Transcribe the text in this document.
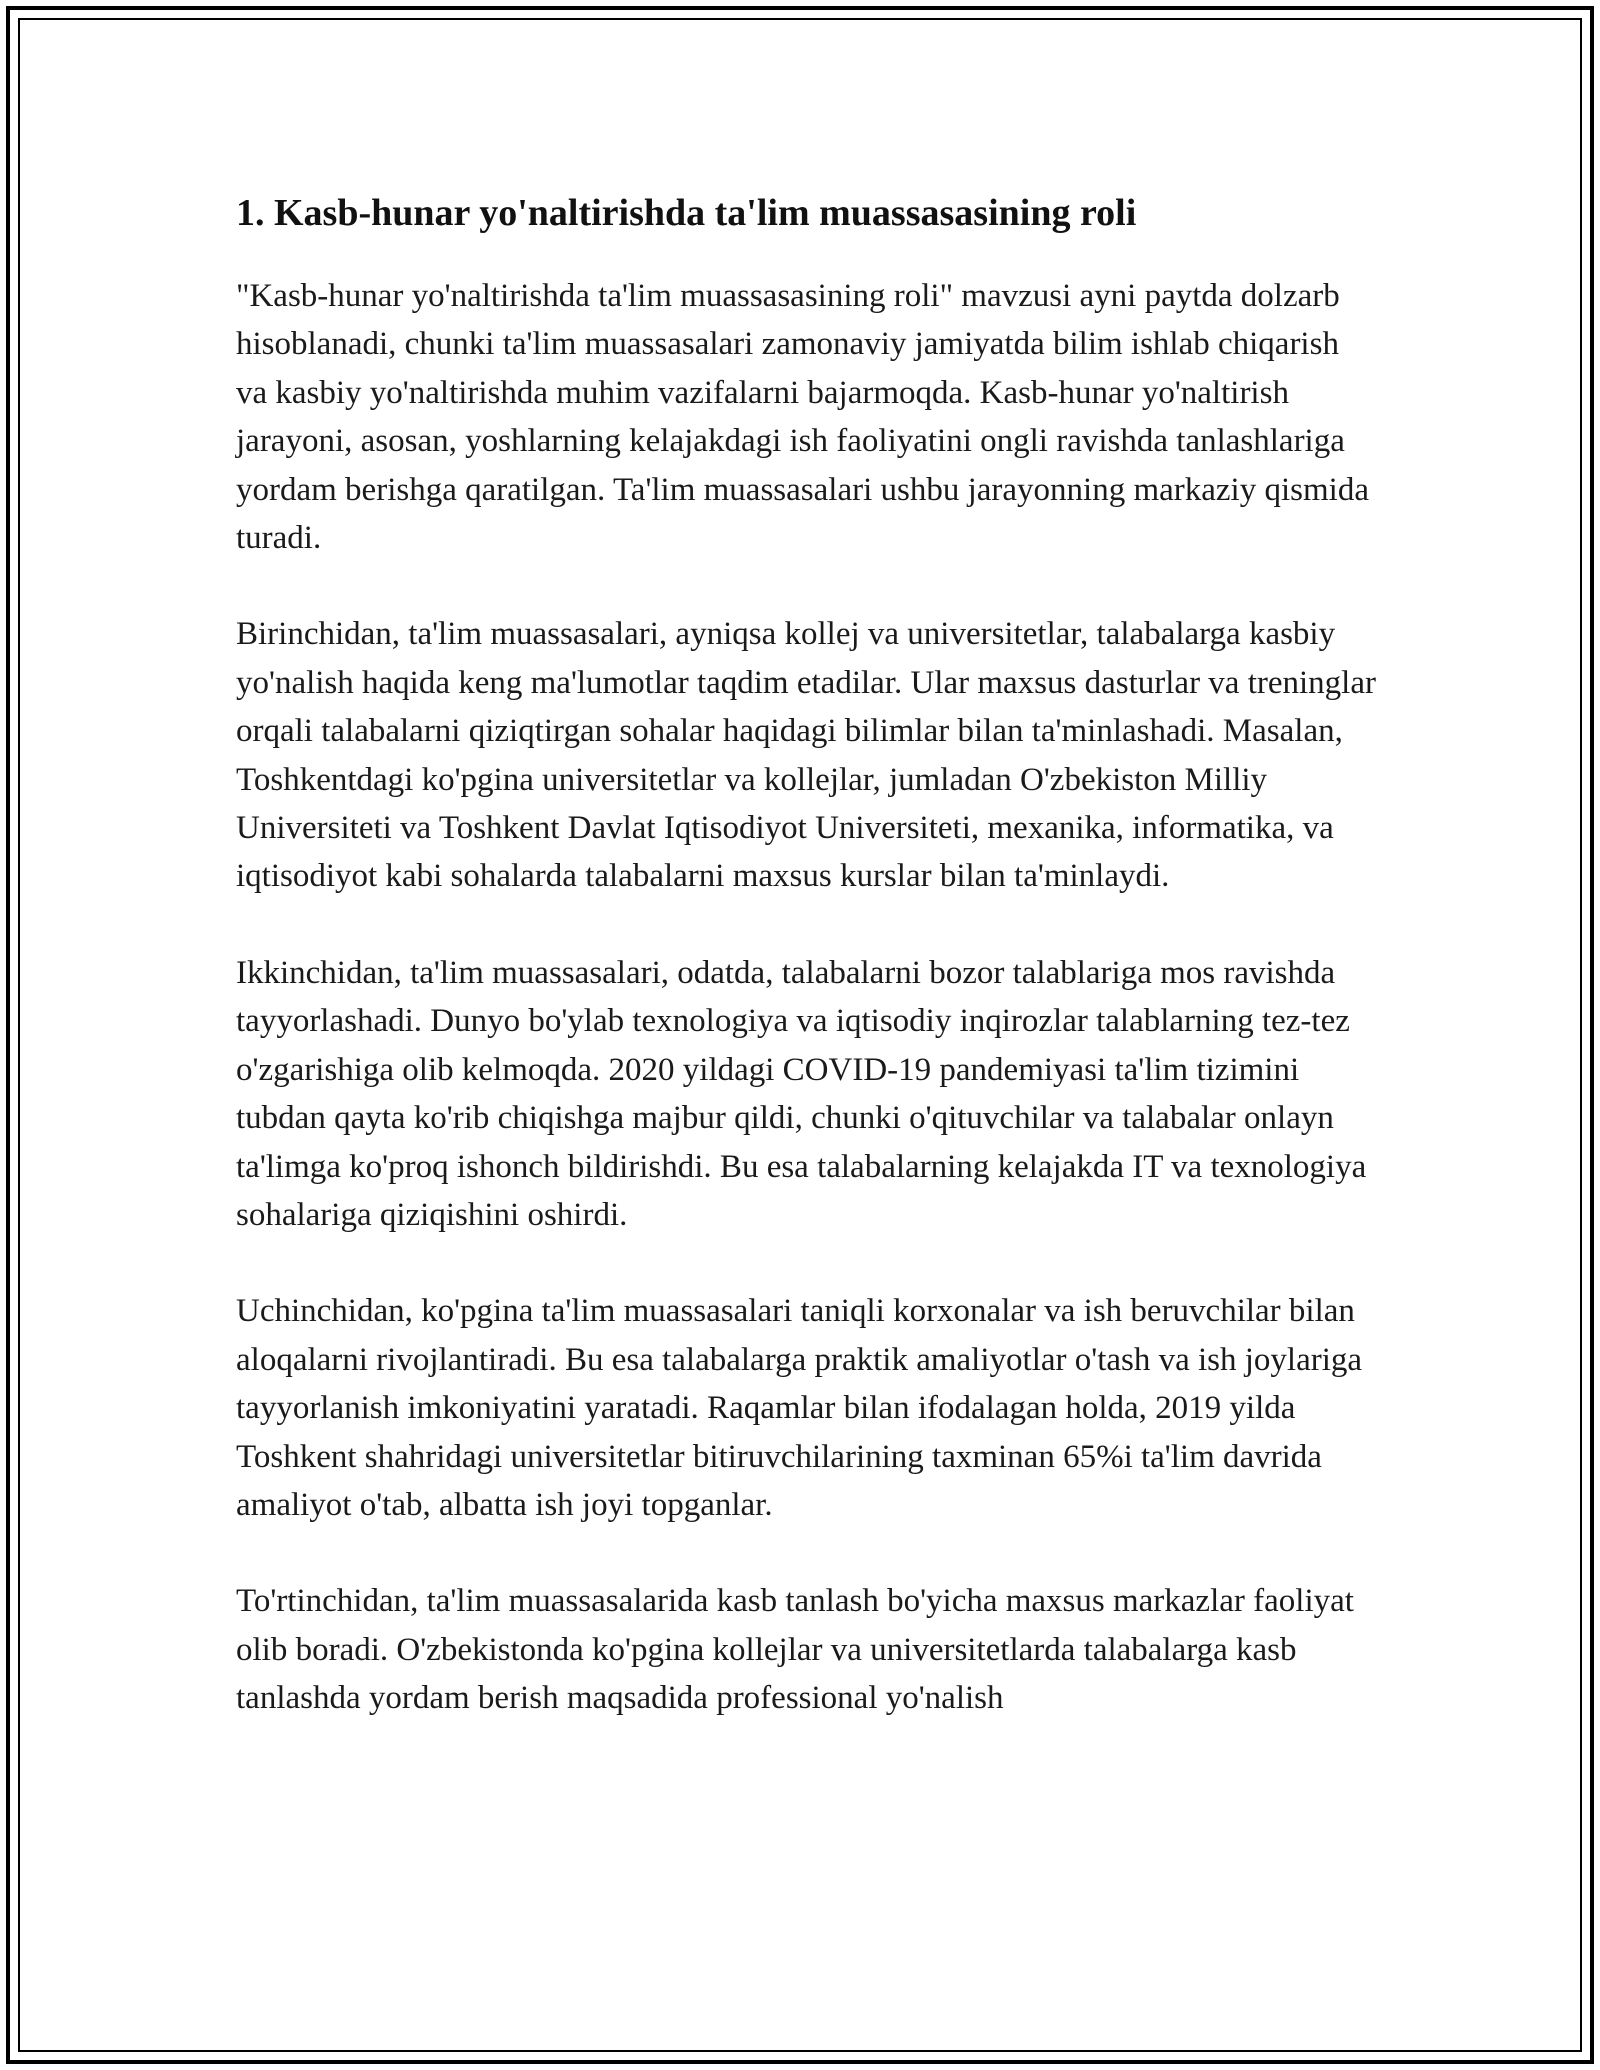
1. Kasb-hunar yo'naltirishda ta'lim muassasasining roli

"Kasb-hunar yo'naltirishda ta'lim muassasasining roli" mavzusi ayni paytda dolzarb hisoblanadi, chunki ta'lim muassasalari zamonaviy jamiyatda bilim ishlab chiqarish va kasbiy yo'naltirishda muhim vazifalarni bajarmoqda. Kasb-hunar yo'naltirish jarayoni, asosan, yoshlarning kelajakdagi ish faoliyatini ongli ravishda tanlashlariga yordam berishga qaratilgan. Ta'lim muassasalari ushbu jarayonning markaziy qismida turadi.

Birinchidan, ta'lim muassasalari, ayniqsa kollej va universitetlar, talabalarga kasbiy yo'nalish haqida keng ma'lumotlar taqdim etadilar. Ular maxsus dasturlar va treninglar orqali talabalarni qiziqtirgan sohalar haqidagi bilimlar bilan ta'minlashadi. Masalan, Toshkentdagi ko'pgina universitetlar va kollejlar, jumladan O'zbekiston Milliy Universiteti va Toshkent Davlat Iqtisodiyot Universiteti, mexanika, informatika, va iqtisodiyot kabi sohalarda talabalarni maxsus kurslar bilan ta'minlaydi.

Ikkinchidan, ta'lim muassasalari, odatda, talabalarni bozor talablariga mos ravishda tayyorlashadi. Dunyo bo'ylab texnologiya va iqtisodiy inqirozlar talablarning tez-tez o'zgarishiga olib kelmoqda. 2020 yildagi COVID-19 pandemiyasi ta'lim tizimini tubdan qayta ko'rib chiqishga majbur qildi, chunki o'qituvchilar va talabalar onlayn ta'limga ko'proq ishonch bildirishdi. Bu esa talabalarning kelajakda IT va texnologiya sohalariga qiziqishini oshirdi.

Uchinchidan, ko'pgina ta'lim muassasalari taniqli korxonalar va ish beruvchilar bilan aloqalarni rivojlantiradi. Bu esa talabalarga praktik amaliyotlar o'tash va ish joylariga tayyorlanish imkoniyatini yaratadi. Raqamlar bilan ifodalagan holda, 2019 yilda Toshkent shahridagi universitetlar bitiruvchilarining taxminan 65%i ta'lim davrida amaliyot o'tab, albatta ish joyi topganlar.

To'rtinchidan, ta'lim muassasalarida kasb tanlash bo'yicha maxsus markazlar faoliyat olib boradi. O'zbekistonda ko'pgina kollejlar va universitetlarda talabalarga kasb tanlashda yordam berish maqsadida professional yo'nalish
